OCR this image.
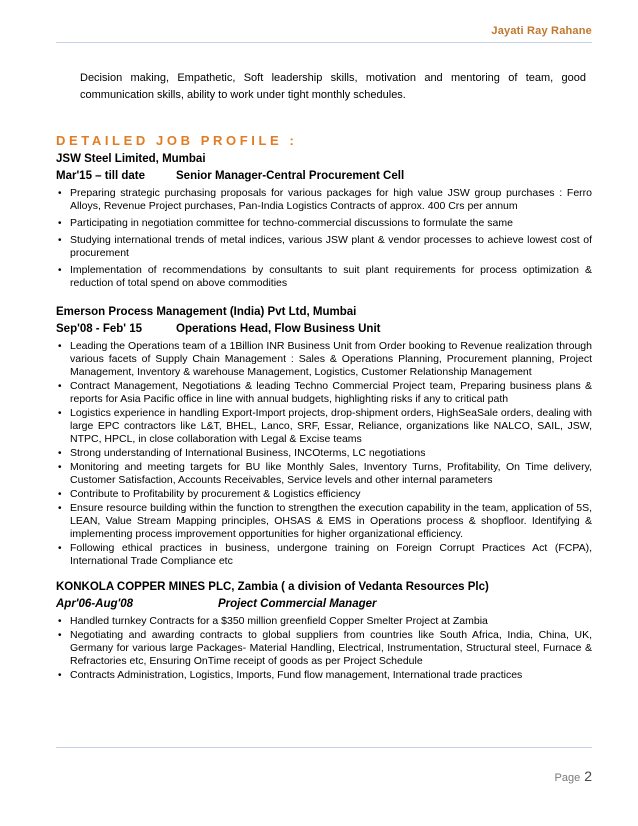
Jayati Ray Rahane
Decision making, Empathetic, Soft leadership skills, motivation and mentoring of team, good communication skills, ability to work under tight monthly schedules.
DETAILED JOB PROFILE :
JSW Steel Limited, Mumbai
Mar'15 – till date	Senior Manager-Central Procurement Cell
• Preparing strategic purchasing proposals for various packages for high value JSW group purchases : Ferro Alloys, Revenue Project purchases, Pan-India Logistics Contracts of approx. 400 Crs per annum
• Participating in negotiation committee for techno-commercial discussions to formulate the same
• Studying international trends of metal indices, various JSW plant & vendor processes to achieve lowest cost of procurement
• Implementation of recommendations by consultants to suit plant requirements for process optimization & reduction of total spend on above commodities
Emerson Process Management (India) Pvt Ltd, Mumbai
Sep'08 - Feb' 15	Operations Head, Flow Business Unit
• Leading the Operations team of a 1Billion INR Business Unit from Order booking to Revenue realization through various facets of Supply Chain Management : Sales & Operations Planning, Procurement planning, Project Management, Inventory & warehouse Management, Logistics, Customer Relationship Management
• Contract Management, Negotiations & leading Techno Commercial Project team, Preparing business plans & reports for Asia Pacific office in line with annual budgets, highlighting risks if any to critical path
• Logistics experience in handling Export-Import projects, drop-shipment orders, HighSeaSale orders, dealing with large EPC contractors like L&T, BHEL, Lanco, SRF, Essar, Reliance, organizations like NALCO, SAIL, JSW, NTPC, HPCL, in close collaboration with Legal & Excise teams
• Strong understanding of International Business, INCOterms, LC negotiations
• Monitoring and meeting targets for BU like Monthly Sales, Inventory Turns, Profitability, On Time delivery, Customer Satisfaction, Accounts Receivables, Service levels and other internal parameters
• Contribute to Profitability by procurement & Logistics efficiency
• Ensure resource building within the function to strengthen the execution capability in the team, application of 5S, LEAN, Value Stream Mapping principles, OHSAS & EMS in Operations process & shopfloor. Identifying & implementing process improvement opportunities for higher organizational efficiency.
• Following ethical practices in business, undergone training on Foreign Corrupt Practices Act (FCPA), International Trade Compliance etc
KONKOLA COPPER MINES PLC, Zambia ( a division of Vedanta Resources Plc)
Apr'06-Aug'08	Project Commercial Manager
• Handled turnkey Contracts for a $350 million greenfield Copper Smelter Project at Zambia
• Negotiating and awarding contracts to global suppliers from countries like South Africa, India, China, UK, Germany for various large Packages- Material Handling, Electrical, Instrumentation, Structural steel, Furnace & Refractories etc, Ensuring OnTime receipt of goods as per Project Schedule
• Contracts Administration, Logistics, Imports, Fund flow management, International trade practices
Page 2
